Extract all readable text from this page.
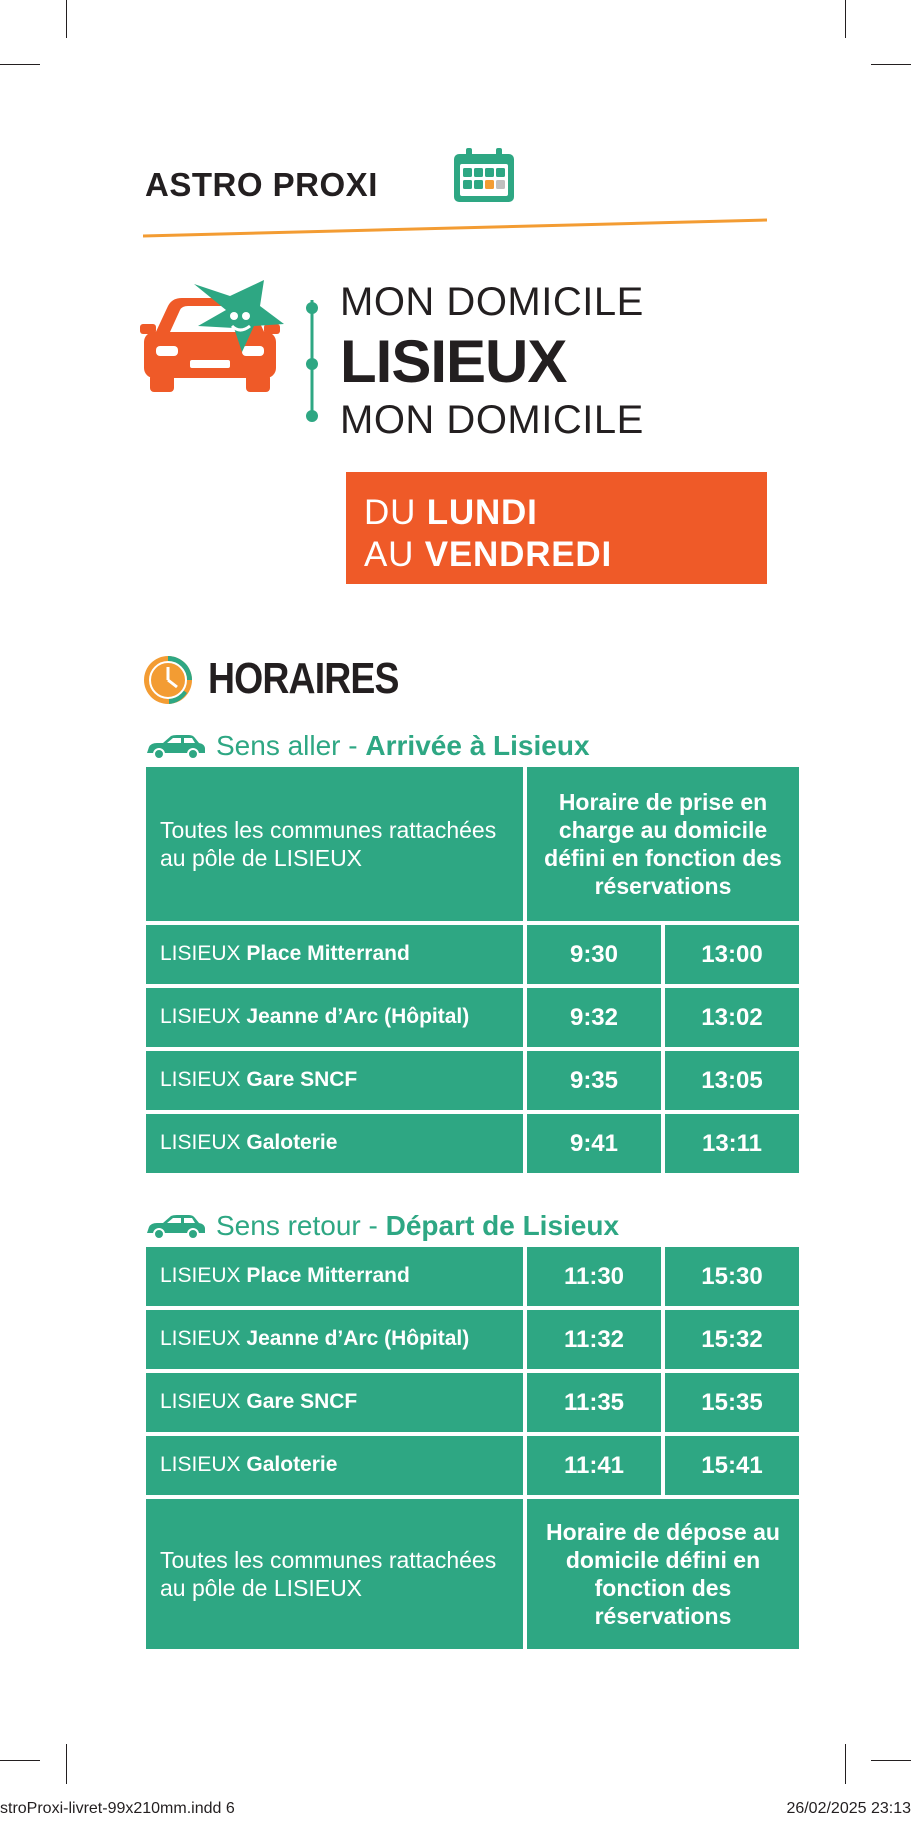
ASTRO PROXI
MON DOMICILE
LISIEUX
MON DOMICILE
DU LUNDI
AU VENDREDI
HORAIRES
Sens aller - Arrivée à Lisieux
Toutes les communes rattachées au pôle de LISIEUX	Horaire de prise en charge au domicile défini en fonction des réservations	
LISIEUX Place Mitterrand	9:30	13:00
LISIEUX Jeanne d’Arc (Hôpital)	9:32	13:02
LISIEUX Gare SNCF	9:35	13:05
LISIEUX Galoterie	9:41	13:11
Sens retour - Départ de Lisieux
LISIEUX Place Mitterrand	11:30	15:30
LISIEUX Jeanne d’Arc (Hôpital)	11:32	15:32
LISIEUX Gare SNCF	11:35	15:35
LISIEUX Galoterie	11:41	15:41
Toutes les communes rattachées au pôle de LISIEUX	Horaire de dépose au domicile défini en fonction des réservations	
stroProxi-livret-99x210mm.indd 6	26/02/2025 23:13
